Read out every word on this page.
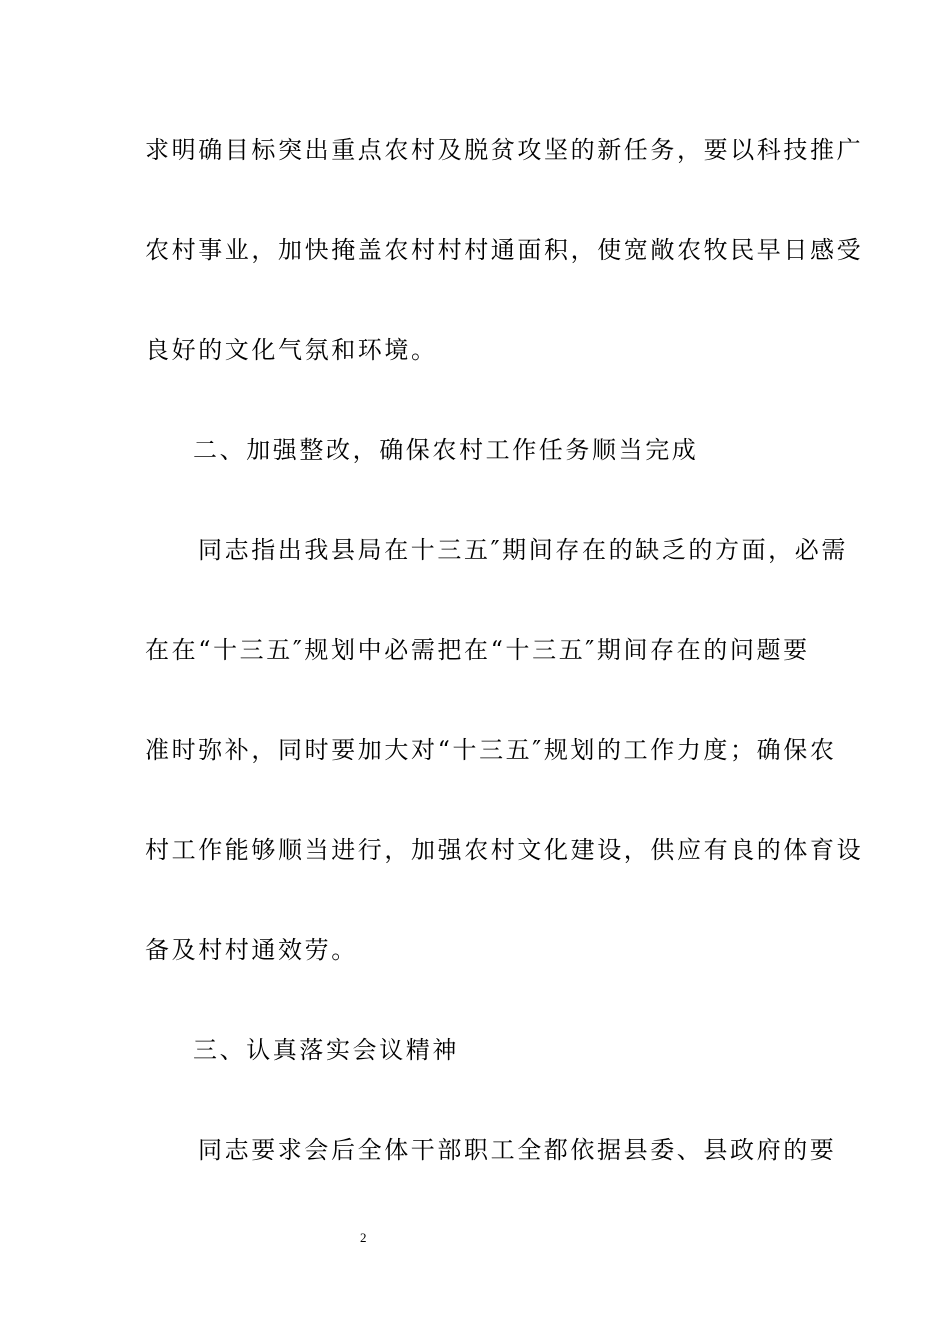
求明确目标突出重点农村及脱贫攻坚的新任务，要以科技推广
农村事业，加快掩盖农村村村通面积，使宽敞农牧民早日感受
良好的文化气氛和环境。
二、加强整改，确保农村工作任务顺当完成
同志指出我县局在十三五″期间存在的缺乏的方面，必需
在在“十三五″规划中必需把在“十三五″期间存在的问题要
准时弥补，同时要加大对“十三五″规划的工作力度；确保农
村工作能够顺当进行，加强农村文化建设，供应有良的体育设
备及村村通效劳。
三、认真落实会议精神
同志要求会后全体干部职工全都依据县委、县政府的要
2
